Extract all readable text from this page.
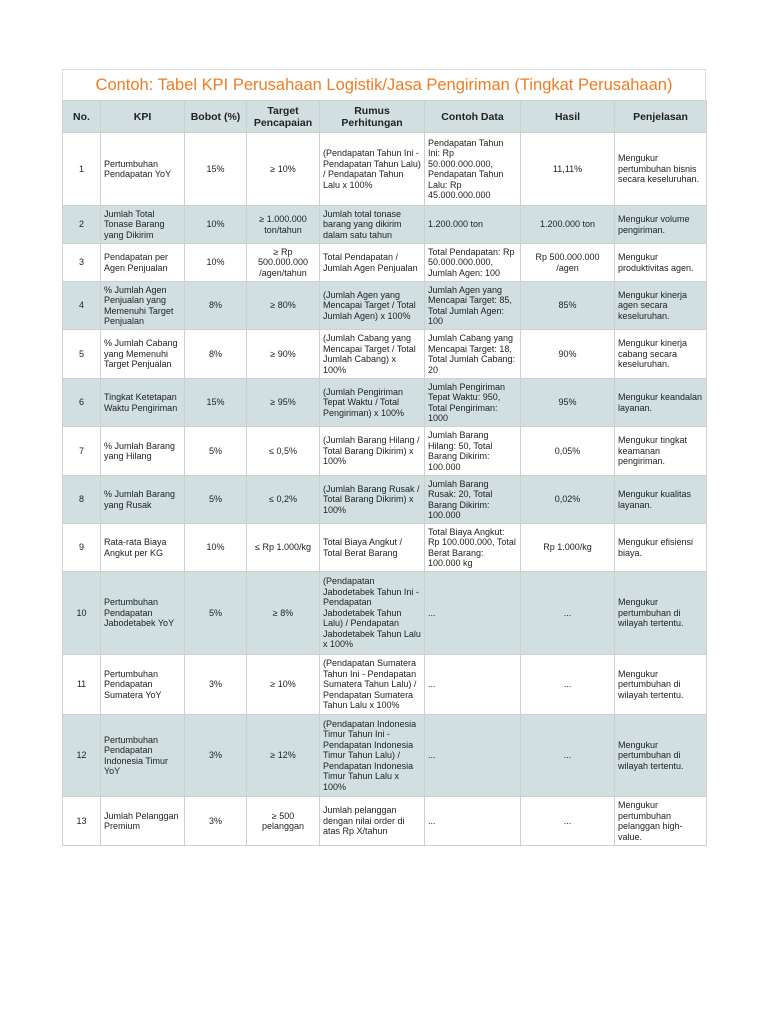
Contoh: Tabel KPI Perusahaan Logistik/Jasa Pengiriman (Tingkat Perusahaan)
No.	KPI	Bobot (%)	Target Pencapaian	Rumus Perhitungan	Contoh Data	Hasil	Penjelasan
1	Pertumbuhan Pendapatan YoY	15%	≥ 10%	(Pendapatan Tahun Ini - Pendapatan Tahun Lalu) / Pendapatan Tahun Lalu x 100%	Pendapatan Tahun Ini: Rp 50.000.000.000, Pendapatan Tahun Lalu: Rp 45.000.000.000	11,11%	Mengukur pertumbuhan bisnis secara keseluruhan.
2	Jumlah Total Tonase Barang yang Dikirim	10%	≥ 1.000.000 ton/tahun	Jumlah total tonase barang yang dikirim dalam satu tahun	1.200.000 ton	1.200.000 ton	Mengukur volume pengiriman.
3	Pendapatan per Agen Penjualan	10%	≥ Rp 500.000.000 /agen/tahun	Total Pendapatan / Jumlah Agen Penjualan	Total Pendapatan: Rp 50.000.000.000, Jumlah Agen: 100	Rp 500.000.000 /agen	Mengukur produktivitas agen.
4	% Jumlah Agen Penjualan yang Memenuhi Target Penjualan	8%	≥ 80%	(Jumlah Agen yang Mencapai Target / Total Jumlah Agen) x 100%	Jumlah Agen yang Mencapai Target: 85, Total Jumlah Agen: 100	85%	Mengukur kinerja agen secara keseluruhan.
5	% Jumlah Cabang yang Memenuhi Target Penjualan	8%	≥ 90%	(Jumlah Cabang yang Mencapai Target / Total Jumlah Cabang) x 100%	Jumlah Cabang yang Mencapai Target: 18, Total Jumlah Cabang: 20	90%	Mengukur kinerja cabang secara keseluruhan.
6	Tingkat Ketetapan Waktu Pengiriman	15%	≥ 95%	(Jumlah Pengiriman Tepat Waktu / Total Pengiriman) x 100%	Jumlah Pengiriman Tepat Waktu: 950, Total Pengiriman: 1000	95%	Mengukur keandalan layanan.
7	% Jumlah Barang yang Hilang	5%	≤ 0,5%	(Jumlah Barang Hilang / Total Barang Dikirim) x 100%	Jumlah Barang Hilang: 50, Total Barang Dikirim: 100.000	0,05%	Mengukur tingkat keamanan pengiriman.
8	% Jumlah Barang yang Rusak	5%	≤ 0,2%	(Jumlah Barang Rusak / Total Barang Dikirim) x 100%	Jumlah Barang Rusak: 20, Total Barang Dikirim: 100.000	0,02%	Mengukur kualitas layanan.
9	Rata-rata Biaya Angkut per KG	10%	≤ Rp 1.000/kg	Total Biaya Angkut / Total Berat Barang	Total Biaya Angkut: Rp 100.000.000, Total Berat Barang: 100.000 kg	Rp 1.000/kg	Mengukur efisiensi biaya.
10	Pertumbuhan Pendapatan Jabodetabek YoY	5%	≥ 8%	(Pendapatan Jabodetabek Tahun Ini - Pendapatan Jabodetabek Tahun Lalu) / Pendapatan Jabodetabek Tahun Lalu x 100%	...	...	Mengukur pertumbuhan di wilayah tertentu.
11	Pertumbuhan Pendapatan Sumatera YoY	3%	≥ 10%	(Pendapatan Sumatera Tahun Ini - Pendapatan Sumatera Tahun Lalu) / Pendapatan Sumatera Tahun Lalu x 100%	...	...	Mengukur pertumbuhan di wilayah tertentu.
12	Pertumbuhan Pendapatan Indonesia Timur YoY	3%	≥ 12%	(Pendapatan Indonesia Timur Tahun Ini - Pendapatan Indonesia Timur Tahun Lalu) / Pendapatan Indonesia Timur Tahun Lalu x 100%	...	...	Mengukur pertumbuhan di wilayah tertentu.
13	Jumlah Pelanggan Premium	3%	≥ 500 pelanggan	Jumlah pelanggan dengan nilai order di atas Rp X/tahun	...	...	Mengukur pertumbuhan pelanggan high-value.
